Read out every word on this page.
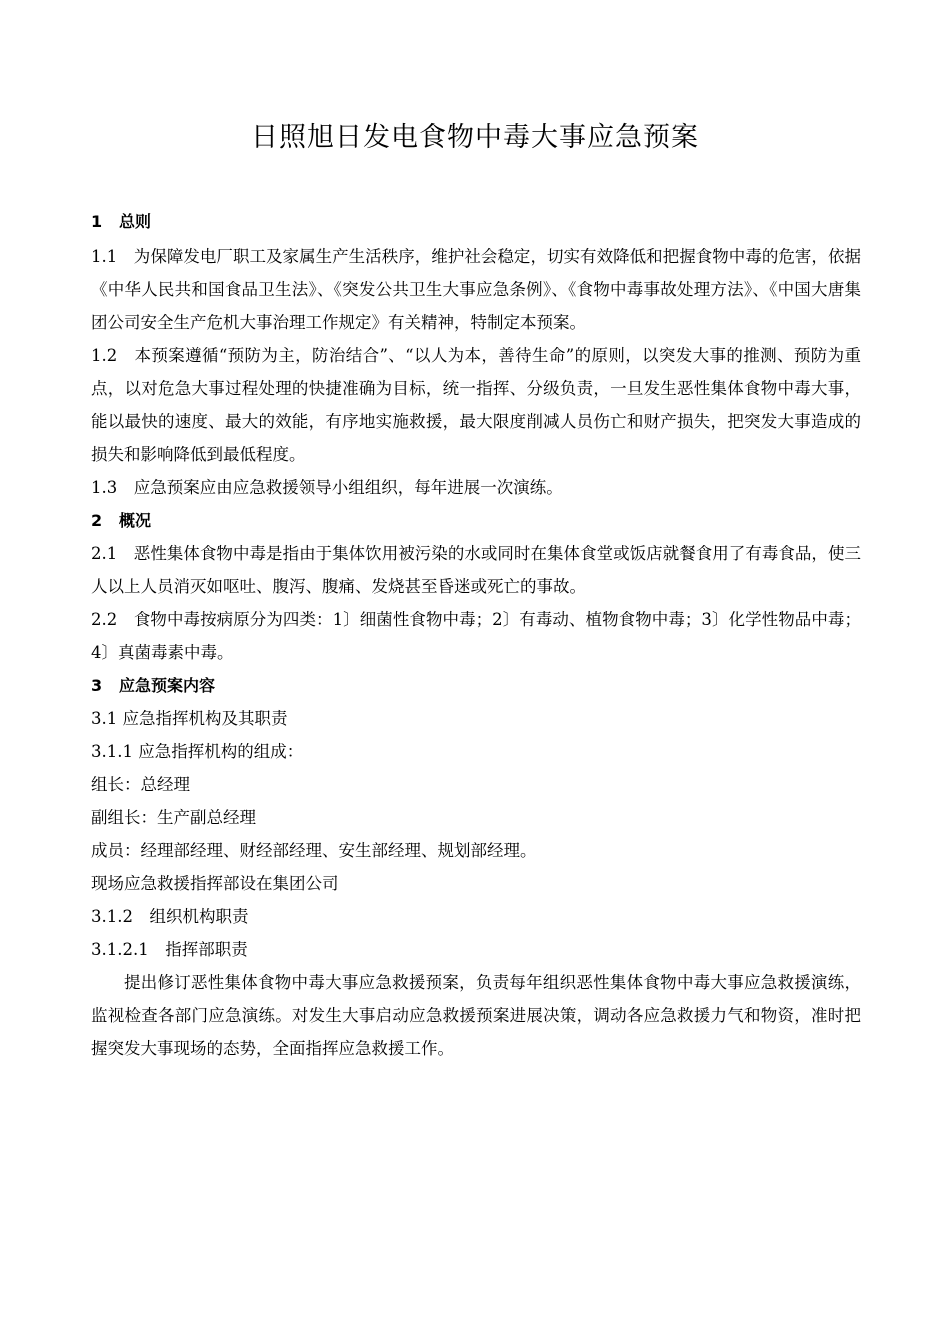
日照旭日发电食物中毒大事应急预案
1 总则

1.1　为保障发电厂职工及家属生产生活秩序，维护社会稳定，切实有效降低和把握食物中毒的危害，依据《中华人民共和国食品卫生法》、《突发公共卫生大事应急条例》、《食物中毒事故处理方法》、《中国大唐集团公司安全生产危机大事治理工作规定》有关精神，特制定本预案。

1.2　本预案遵循“预防为主，防治结合”、“以人为本，善待生命”的原则，以突发大事的推测、预防为重点，以对危急大事过程处理的快捷准确为目标，统一指挥、分级负责，一旦发生恶性集体食物中毒大事，能以最快的速度、最大的效能，有序地实施救援，最大限度削减人员伤亡和财产损失，把突发大事造成的损失和影响降低到最低程度。

1.3　应急预案应由应急救援领导小组组织，每年进展一次演练。

2 概况

2.1　恶性集体食物中毒是指由于集体饮用被污染的水或同时在集体食堂或饭店就餐食用了有毒食品，使三人以上人员消灭如呕吐、腹泻、腹痛、发烧甚至昏迷或死亡的事故。

2.2　食物中毒按病原分为四类：1〕细菌性食物中毒；2〕有毒动、植物食物中毒；3〕化学性物品中毒；4〕真菌毒素中毒。

3 应急预案内容

3.1 应急指挥机构及其职责

3.1.1 应急指挥机构的组成：

组长：总经理

副组长：生产副总经理

成员：经理部经理、财经部经理、安生部经理、规划部经理。

现场应急救援指挥部设在集团公司

3.1.2　组织机构职责

3.1.2.1　指挥部职责

提出修订恶性集体食物中毒大事应急救援预案，负责每年组织恶性集体食物中毒大事应急救援演练，监视检查各部门应急演练。对发生大事启动应急救援预案进展决策，调动各应急救援力气和物资，准时把握突发大事现场的态势，全面指挥应急救援工作。
